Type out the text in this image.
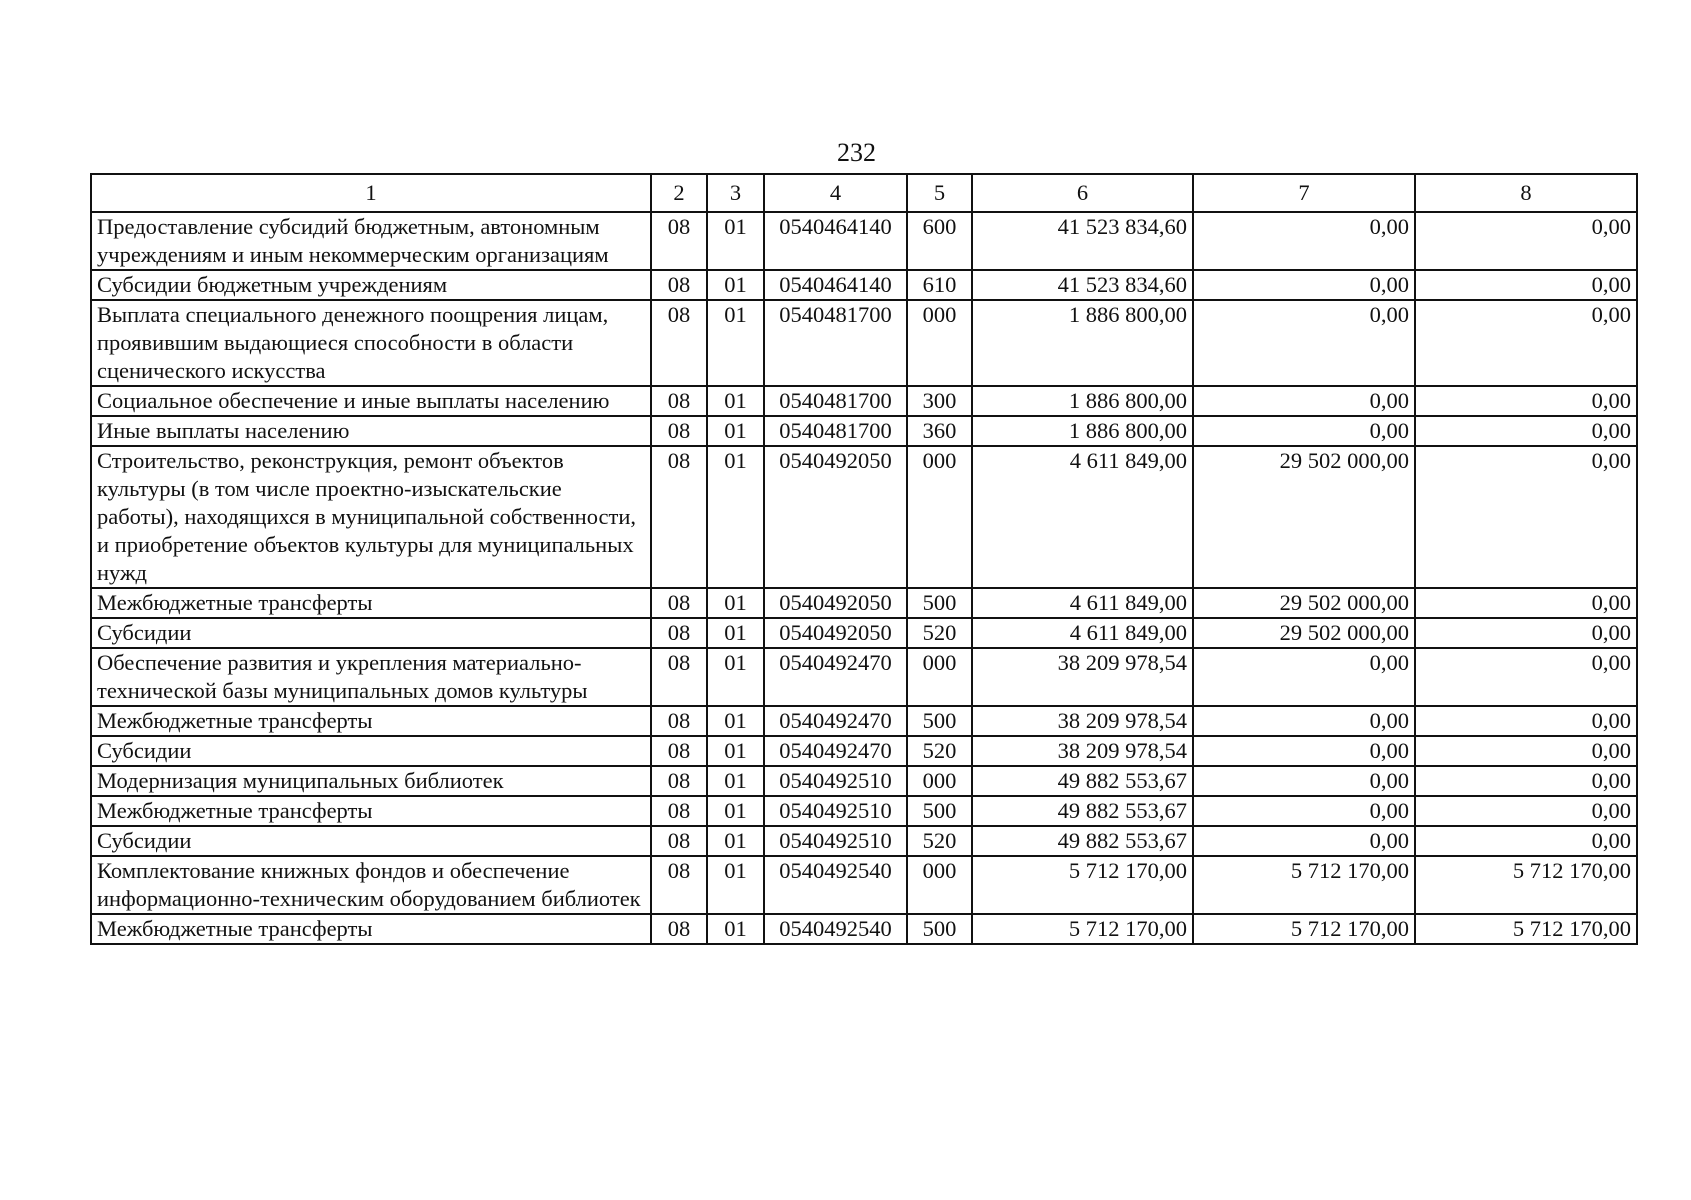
232
1	2	3	4	5	6	7	8
Предоставление субсидий бюджетным, автономным учреждениям и иным некоммерческим организациям	08	01	0540464140	600	41 523 834,60	0,00	0,00
Субсидии бюджетным учреждениям	08	01	0540464140	610	41 523 834,60	0,00	0,00
Выплата специального денежного поощрения лицам, проявившим выдающиеся способности в области сценического искусства	08	01	0540481700	000	1 886 800,00	0,00	0,00
Социальное обеспечение и иные выплаты населению	08	01	0540481700	300	1 886 800,00	0,00	0,00
Иные выплаты населению	08	01	0540481700	360	1 886 800,00	0,00	0,00
Строительство, реконструкция, ремонт объектов культуры (в том числе проектно-изыскательские работы), находящихся в муниципальной собственности, и приобретение объектов культуры для муниципальных нужд	08	01	0540492050	000	4 611 849,00	29 502 000,00	0,00
Межбюджетные трансферты	08	01	0540492050	500	4 611 849,00	29 502 000,00	0,00
Субсидии	08	01	0540492050	520	4 611 849,00	29 502 000,00	0,00
Обеспечение развития и укрепления материально-технической базы муниципальных домов культуры	08	01	0540492470	000	38 209 978,54	0,00	0,00
Межбюджетные трансферты	08	01	0540492470	500	38 209 978,54	0,00	0,00
Субсидии	08	01	0540492470	520	38 209 978,54	0,00	0,00
Модернизация муниципальных библиотек	08	01	0540492510	000	49 882 553,67	0,00	0,00
Межбюджетные трансферты	08	01	0540492510	500	49 882 553,67	0,00	0,00
Субсидии	08	01	0540492510	520	49 882 553,67	0,00	0,00
Комплектование книжных фондов и обеспечение информационно-техническим оборудованием библиотек	08	01	0540492540	000	5 712 170,00	5 712 170,00	5 712 170,00
Межбюджетные трансферты	08	01	0540492540	500	5 712 170,00	5 712 170,00	5 712 170,00
